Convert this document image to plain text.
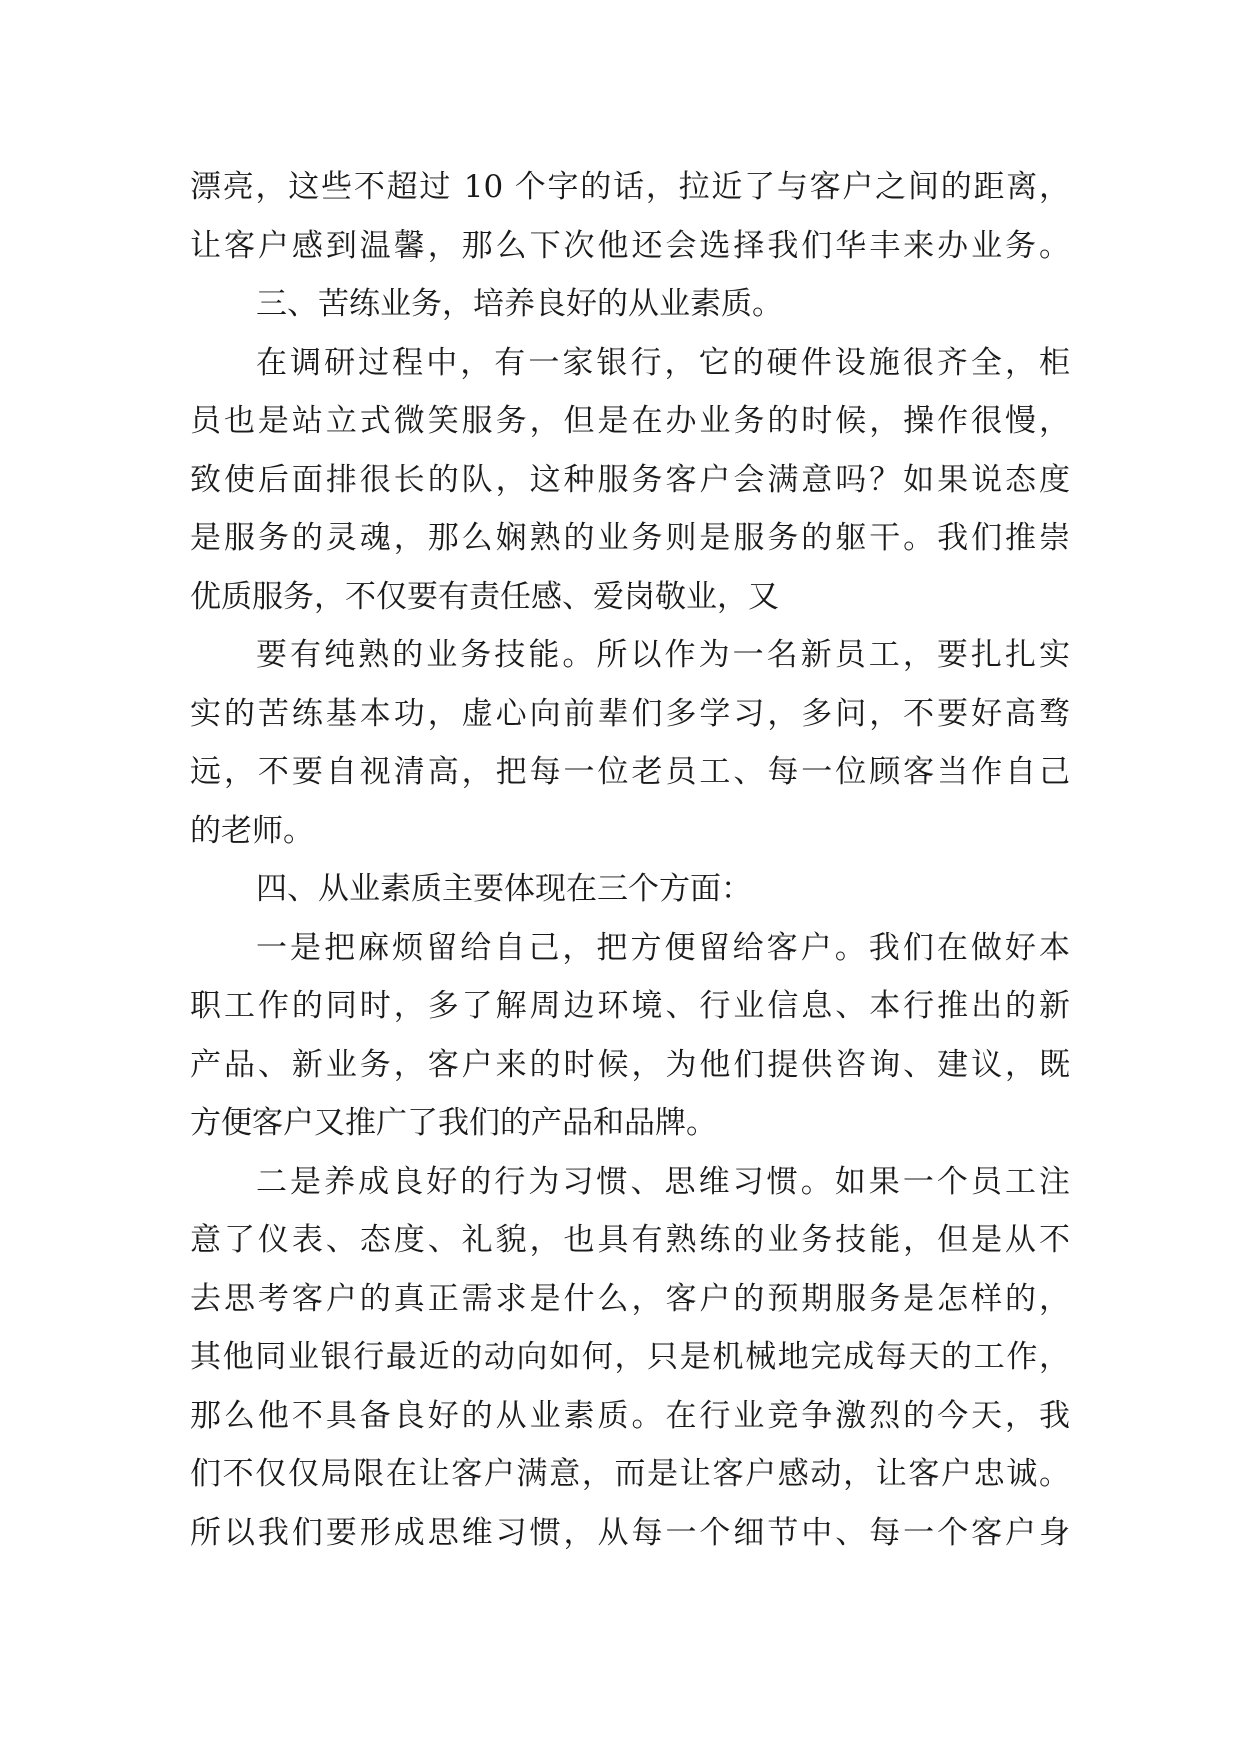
漂亮，这些不超过 10 个字的话，拉近了与客户之间的距离，
让客户感到温馨，那么下次他还会选择我们华丰来办业务。
三、苦练业务，培养良好的从业素质。
在调研过程中，有一家银行，它的硬件设施很齐全，柜
员也是站立式微笑服务，但是在办业务的时候，操作很慢，
致使后面排很长的队，这种服务客户会满意吗？如果说态度
是服务的灵魂，那么娴熟的业务则是服务的躯干。我们推崇
优质服务，不仅要有责任感、爱岗敬业，又
要有纯熟的业务技能。所以作为一名新员工，要扎扎实
实的苦练基本功，虚心向前辈们多学习，多问，不要好高骛
远，不要自视清高，把每一位老员工、每一位顾客当作自己
的老师。
四、从业素质主要体现在三个方面：
一是把麻烦留给自己，把方便留给客户。我们在做好本
职工作的同时，多了解周边环境、行业信息、本行推出的新
产品、新业务，客户来的时候，为他们提供咨询、建议，既
方便客户又推广了我们的产品和品牌。
二是养成良好的行为习惯、思维习惯。如果一个员工注
意了仪表、态度、礼貌，也具有熟练的业务技能，但是从不
去思考客户的真正需求是什么，客户的预期服务是怎样的，
其他同业银行最近的动向如何，只是机械地完成每天的工作，
那么他不具备良好的从业素质。在行业竞争激烈的今天，我
们不仅仅局限在让客户满意，而是让客户感动，让客户忠诚。
所以我们要形成思维习惯，从每一个细节中、每一个客户身
